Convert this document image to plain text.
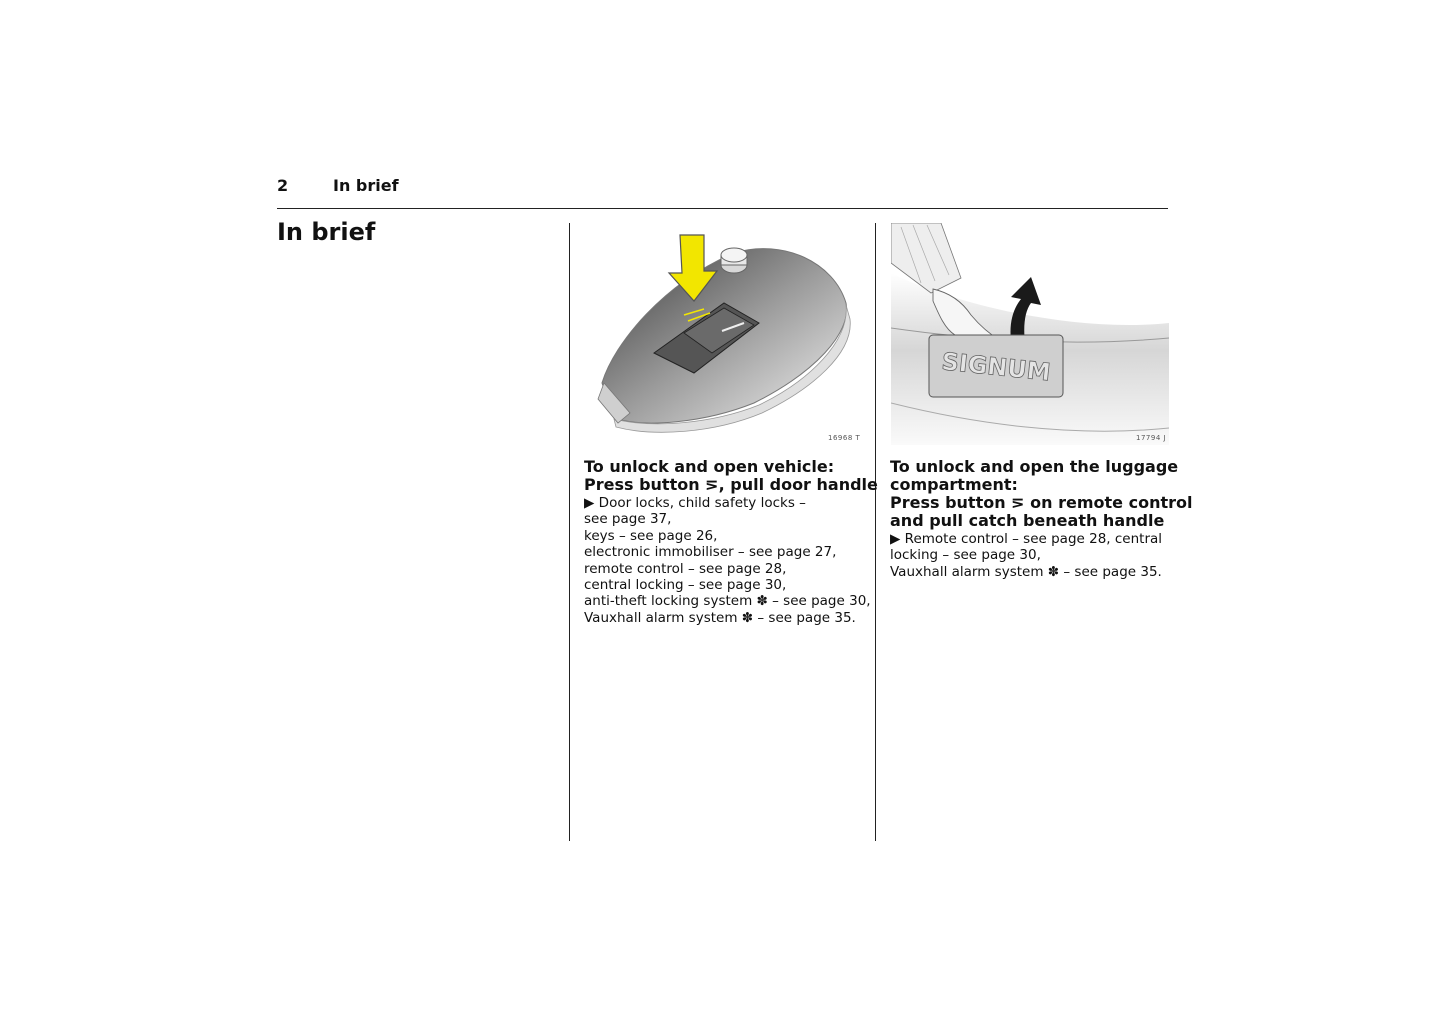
2	In brief
In brief
16968 T
SIGNUM
17794 J
To unlock and open vehicle:
Press button ⋝, pull door handle
▶ Door locks, child safety locks –
see page 37,
keys – see page 26,
electronic immobiliser – see page 27,
remote control – see page 28,
central locking – see page 30,
anti-theft locking system ✽ – see page 30,
Vauxhall alarm system ✽ – see page 35.
To unlock and open the luggage
compartment:
Press button ⋝ on remote control
and pull catch beneath handle
▶ Remote control – see page 28, central
locking – see page 30,
Vauxhall alarm system ✽ – see page 35.
